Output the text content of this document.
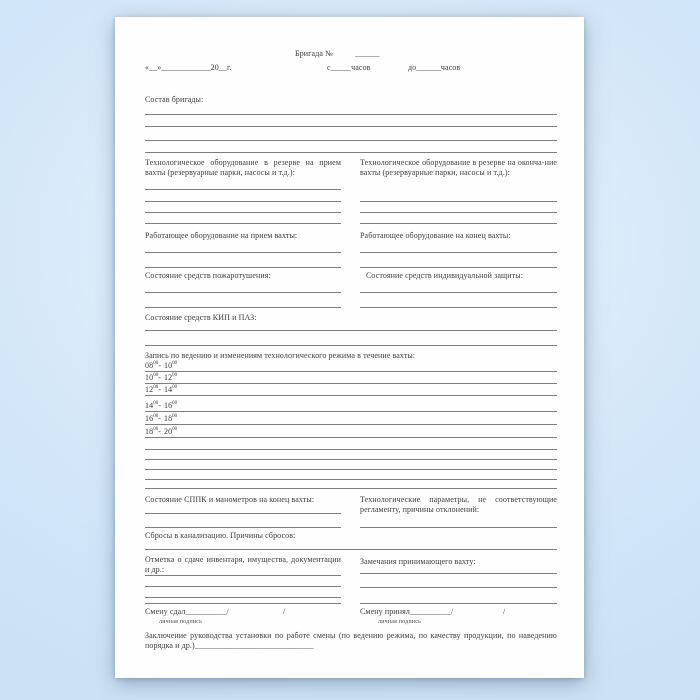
Бригада №	______
«__»____________20__г.	с_____часов	до______часов
Состав бригады:
Технологическое оборудование в резерве на прием вахты (резервуарные парки, насосы и т.д.):
Технологическое оборудование в резерве на оконча-ние вахты (резервуарные парки, насосы и т.д.):
Работающее оборудование на прием вахты:	Работающее оборудование на конец вахты:
Состояние средств пожаротушения:	Состояние средств индивидуальной защиты:
Состояние средств КИП и ПАЗ:
Запись по ведению и изменениям технологического режима в течение вахты:
$08^{00}-$ $10^{00}$
$10^{00}-$ $12^{00}$
$12^{00}-$ $14^{00}$
$14^{00}-$ $16^{00}$
$16^{00}-$ $18^{00}$
$18^{00}-$ $20^{00}$
Состояние СППК и манометров на конец вахты:	Технологические параметры, не соответствующие регламенту, причины отклонений:
Сбросы в канализацию. Причины сбросов:
Отметка о сдаче инвентаря, имущества, документации и др.:
Замечания принимающего вахту:
Смену сдал__________/	/	Смену принял__________/	/
личная подпись	личная подпись
Заключение руководства установки по работе смены (по ведению режима, по качеству продукции, по наведению порядка и др.)_____________________________
